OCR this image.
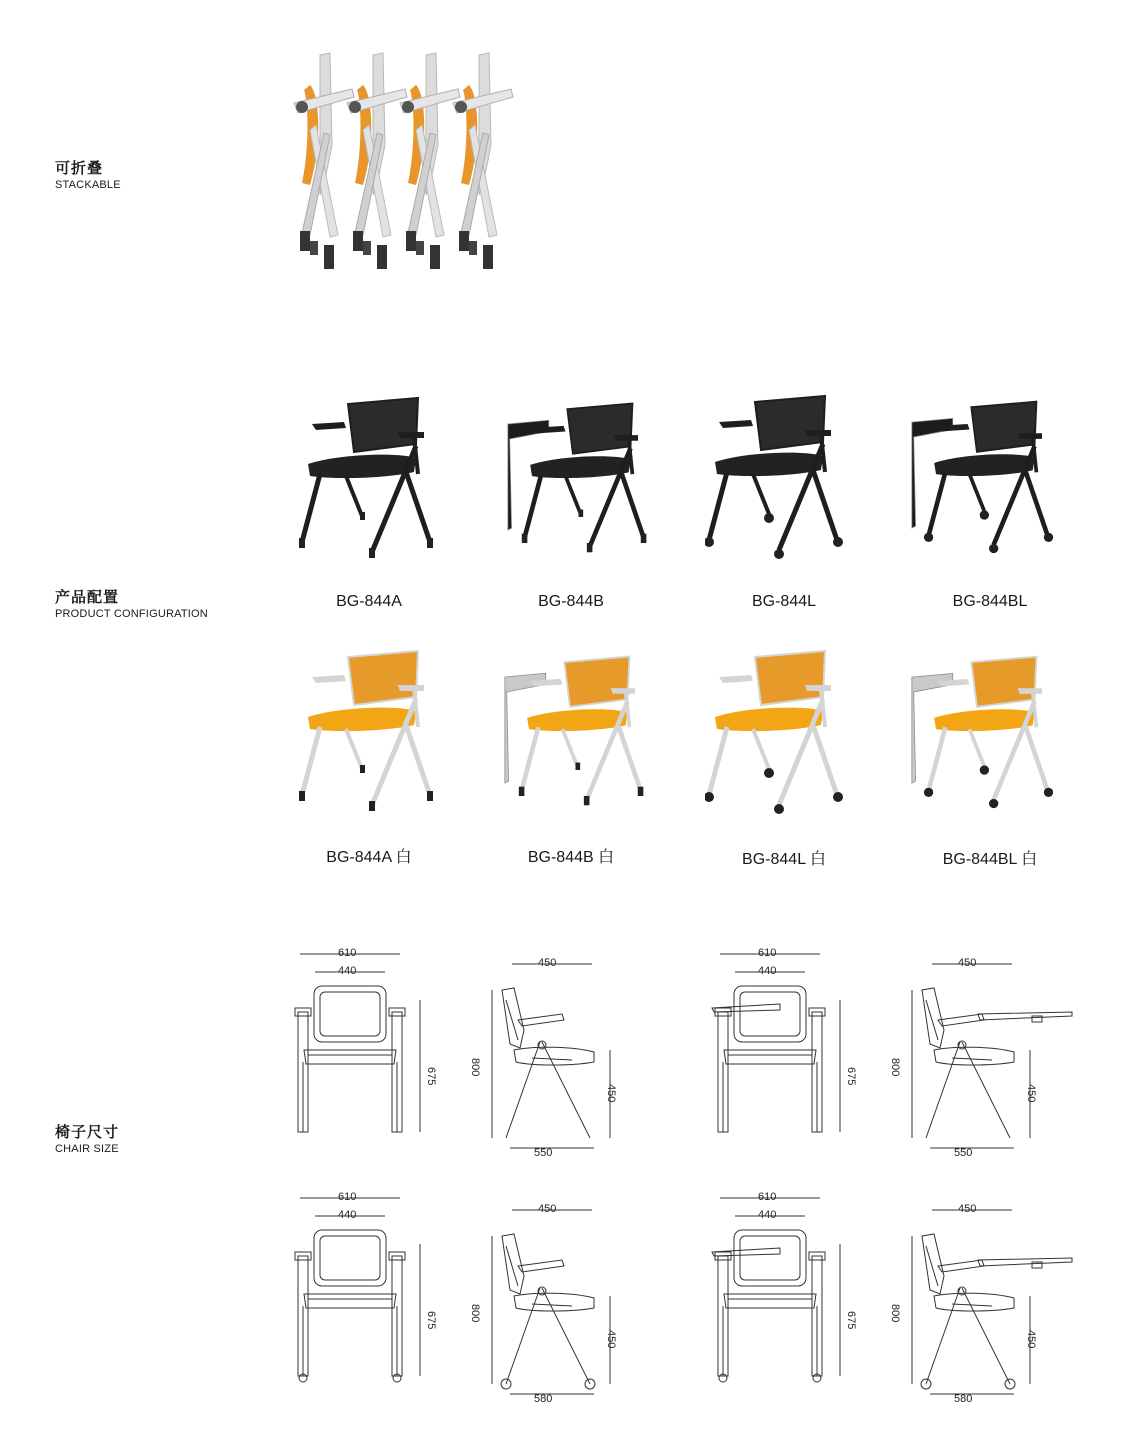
可折叠
STACKABLE
产品配置
PRODUCT CONFIGURATION
椅子尺寸
CHAIR SIZE
BG-844A	BG-844B	BG-844L	BG-844BL
BG-844A 白	BG-844B 白	BG-844L 白	BG-844BL 白
610
440
675
450
800
450
550
610
440
675
450
800
450
550
610
440
675
450
800
450
580
610
440
675
450
800
450
580
